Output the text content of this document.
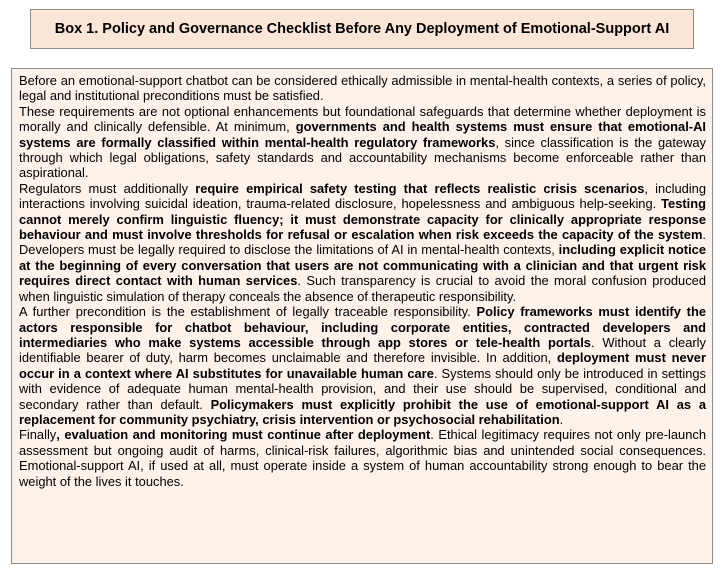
Box 1. Policy and Governance Checklist Before Any Deployment of Emotional-Support AI

Before an emotional-support chatbot can be considered ethically admissible in mental-health contexts, a series of policy, legal and institutional preconditions must be satisfied.

These requirements are not optional enhancements but foundational safeguards that determine whether deployment is morally and clinically defensible. At minimum, governments and health systems must ensure that emotional-AI systems are formally classified within mental-health regulatory frameworks, since classification is the gateway through which legal obligations, safety standards and accountability mechanisms become enforceable rather than aspirational.

Regulators must additionally require empirical safety testing that reflects realistic crisis scenarios, including interactions involving suicidal ideation, trauma-related disclosure, hopelessness and ambiguous help-seeking. Testing cannot merely confirm linguistic fluency; it must demonstrate capacity for clinically appropriate response behaviour and must involve thresholds for refusal or escalation when risk exceeds the capacity of the system. Developers must be legally required to disclose the limitations of AI in mental-health contexts, including explicit notice at the beginning of every conversation that users are not communicating with a clinician and that urgent risk requires direct contact with human services. Such transparency is crucial to avoid the moral confusion produced when linguistic simulation of therapy conceals the absence of therapeutic responsibility.

A further precondition is the establishment of legally traceable responsibility. Policy frameworks must identify the actors responsible for chatbot behaviour, including corporate entities, contracted developers and intermediaries who make systems accessible through app stores or tele-health portals. Without a clearly identifiable bearer of duty, harm becomes unclaimable and therefore invisible. In addition, deployment must never occur in a context where AI substitutes for unavailable human care. Systems should only be introduced in settings with evidence of adequate human mental-health provision, and their use should be supervised, conditional and secondary rather than default. Policymakers must explicitly prohibit the use of emotional-support AI as a replacement for community psychiatry, crisis intervention or psychosocial rehabilitation.

Finally, evaluation and monitoring must continue after deployment. Ethical legitimacy requires not only pre-launch assessment but ongoing audit of harms, clinical-risk failures, algorithmic bias and unintended social consequences. Emotional-support AI, if used at all, must operate inside a system of human accountability strong enough to bear the weight of the lives it touches.
